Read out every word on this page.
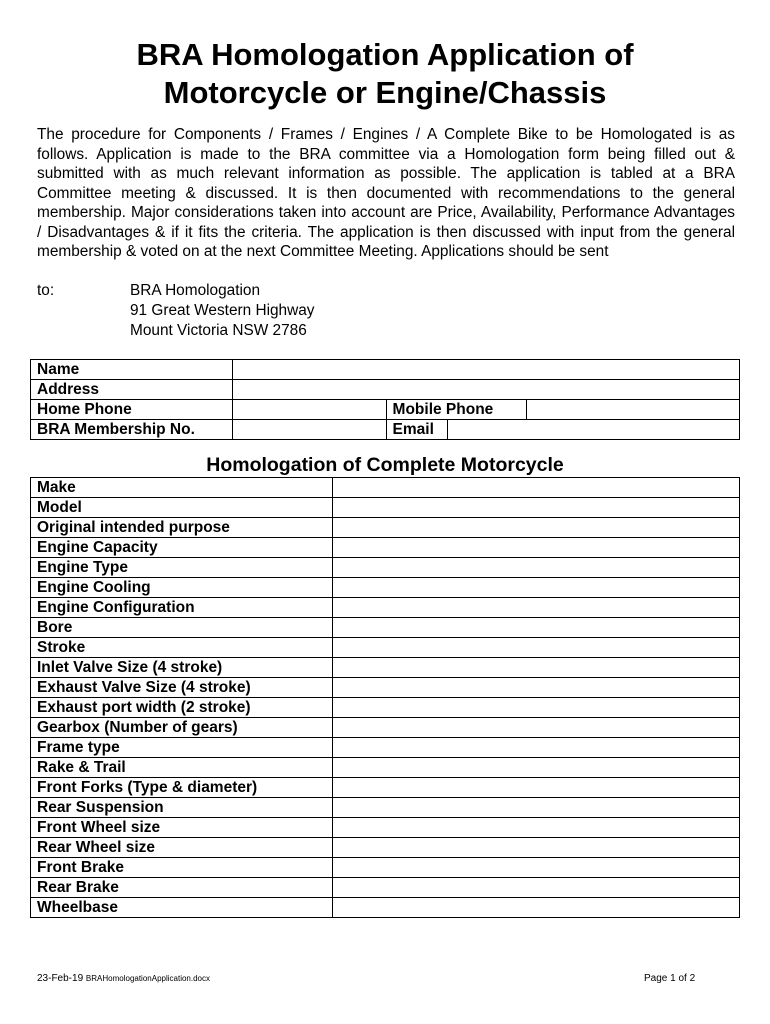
BRA Homologation Application of
Motorcycle or Engine/Chassis
The procedure for Components / Frames / Engines / A Complete Bike to be Homologated is as follows. Application is made to the BRA committee via a Homologation form being filled out & submitted with as much relevant information as possible. The application is tabled at a BRA Committee meeting & discussed. It is then documented with recommendations to the general membership. Major considerations taken into account are Price, Availability, Performance Advantages / Disadvantages & if it fits the criteria. The application is then discussed with input from the general membership & voted on at the next Committee Meeting. Applications should be sent
to:	BRA Homologation
91 Great Western Highway
Mount Victoria NSW 2786
Name				
Address				
Home Phone		Mobile Phone		
BRA Membership No.		Email		
Homologation of Complete Motorcycle
Make	
Model	
Original intended purpose	
Engine Capacity	
Engine Type	
Engine Cooling	
Engine Configuration	
Bore	
Stroke	
Inlet Valve Size (4 stroke)	
Exhaust Valve Size (4 stroke)	
Exhaust port width (2 stroke)	
Gearbox (Number of gears)	
Frame type	
Rake & Trail	
Front Forks (Type & diameter)	
Rear Suspension	
Front Wheel size	
Rear Wheel size	
Front Brake	
Rear Brake	
Wheelbase	
23-Feb-19 BRAHomologationApplication.docx	Page 1 of 2
